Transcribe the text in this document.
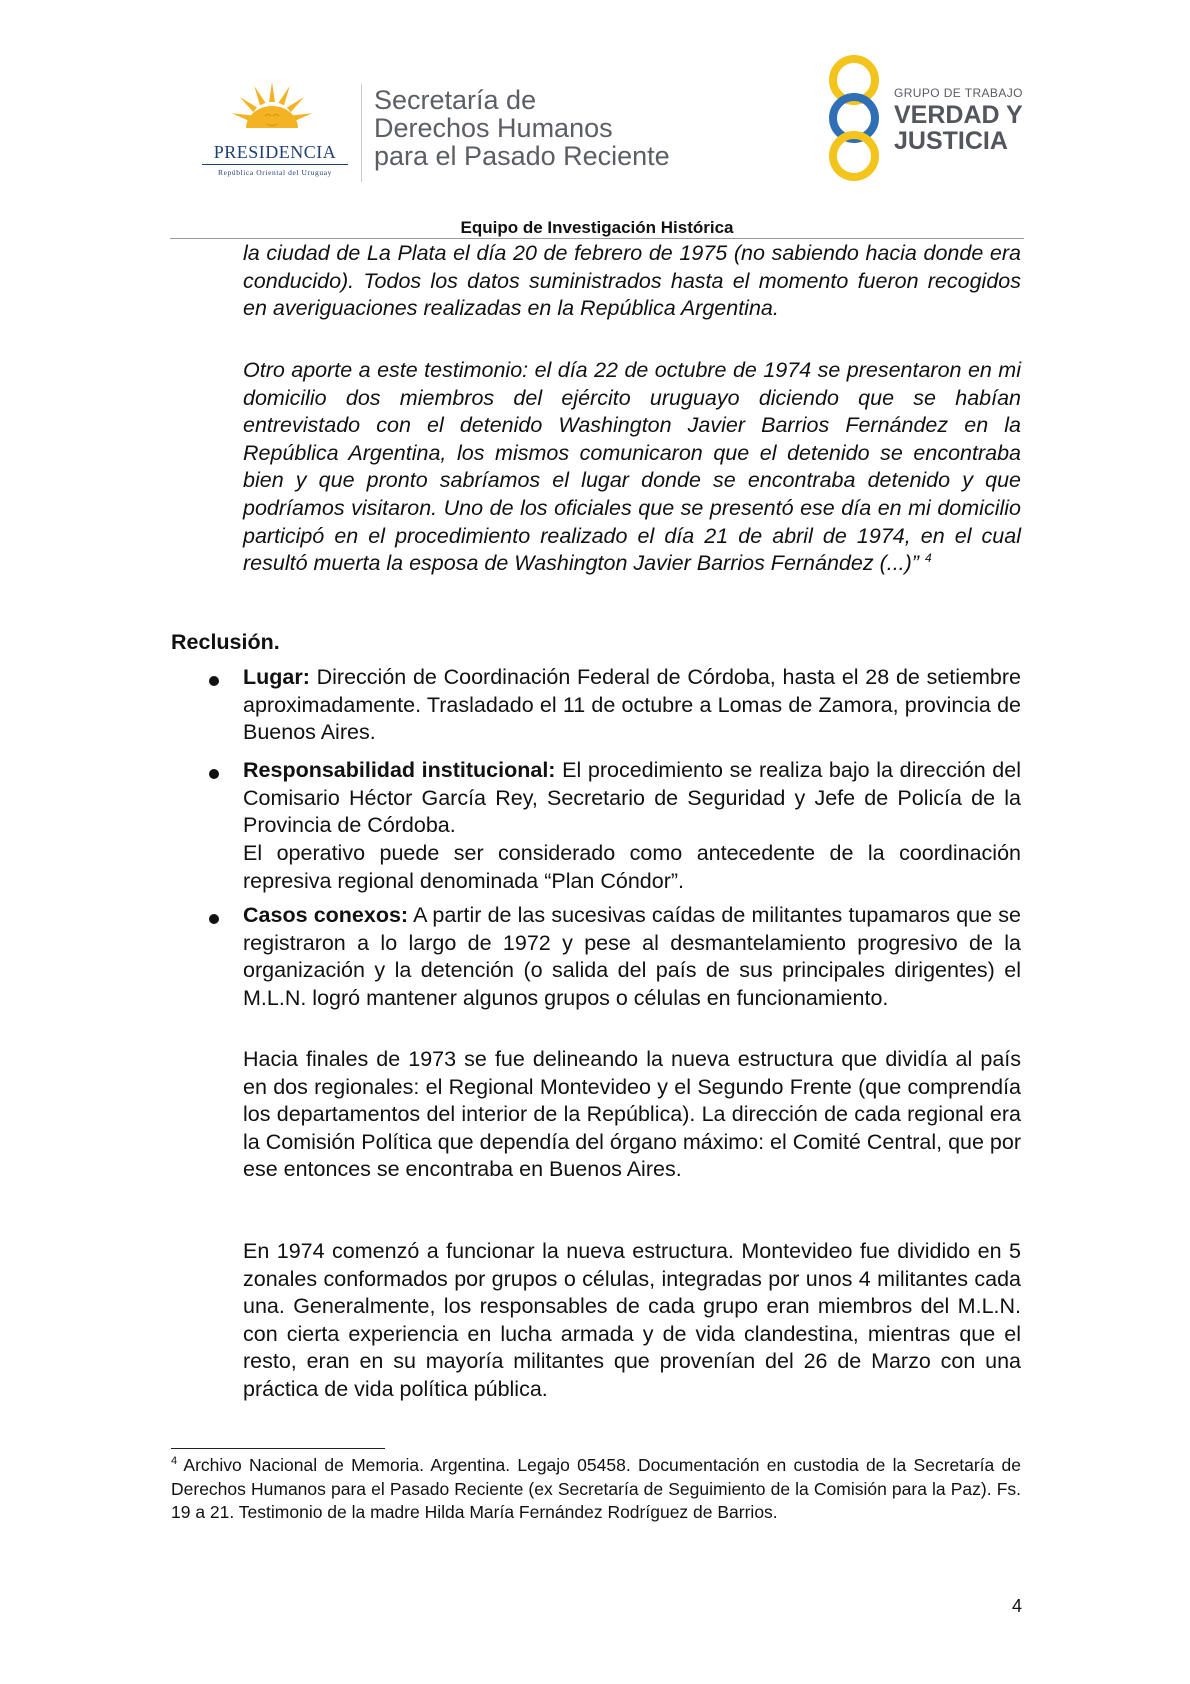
PRESIDENCIA
República Oriental del Uruguay
Secretaría de
Derechos Humanos
para el Pasado Reciente
GRUPO DE TRABAJO
VERDAD Y
JUSTICIA
Equipo de Investigación Histórica

la ciudad de La Plata el día 20 de febrero de 1975 (no sabiendo hacia donde era conducido). Todos los datos suministrados hasta el momento fueron recogidos en averiguaciones realizadas en la República Argentina.

Otro aporte a este testimonio: el día 22 de octubre de 1974 se presentaron en mi domicilio dos miembros del ejército uruguayo diciendo que se habían entrevistado con el detenido Washington Javier Barrios Fernández en la República Argentina, los mismos comunicaron que el detenido se encontraba bien y que pronto sabríamos el lugar donde se encontraba detenido y que podríamos visitaron. Uno de los oficiales que se presentó ese día en mi domicilio participó en el procedimiento realizado el día 21 de abril de 1974, en el cual resultó muerta la esposa de Washington Javier Barrios Fernández (...)” $^4$

Reclusión.

Lugar: Dirección de Coordinación Federal de Córdoba, hasta el 28 de setiembre aproximadamente. Trasladado el 11 de octubre a Lomas de Zamora, provincia de Buenos Aires.

Responsabilidad institucional: El procedimiento se realiza bajo la dirección del Comisario Héctor García Rey, Secretario de Seguridad y Jefe de Policía de la Provincia de Córdoba.

El operativo puede ser considerado como antecedente de la coordinación represiva regional denominada “Plan Cóndor”.

Casos conexos: A partir de las sucesivas caídas de militantes tupamaros que se registraron a lo largo de 1972 y pese al desmantelamiento progresivo de la organización y la detención (o salida del país de sus principales dirigentes) el M.L.N. logró mantener algunos grupos o células en funcionamiento.

Hacia finales de 1973 se fue delineando la nueva estructura que dividía al país en dos regionales: el Regional Montevideo y el Segundo Frente (que comprendía los departamentos del interior de la República). La dirección de cada regional era la Comisión Política que dependía del órgano máximo: el Comité Central, que por ese entonces se encontraba en Buenos Aires.

En 1974 comenzó a funcionar la nueva estructura. Montevideo fue dividido en 5 zonales conformados por grupos o células, integradas por unos 4 militantes cada una. Generalmente, los responsables de cada grupo eran miembros del M.L.N. con cierta experiencia en lucha armada y de vida clandestina, mientras que el resto, eran en su mayoría militantes que provenían del 26 de Marzo con una práctica de vida política pública.

$^4$ Archivo Nacional de Memoria. Argentina. Legajo 05458. Documentación en custodia de la Secretaría de Derechos Humanos para el Pasado Reciente (ex Secretaría de Seguimiento de la Comisión para la Paz). Fs. 19 a 21. Testimonio de la madre Hilda María Fernández Rodríguez de Barrios.

4
